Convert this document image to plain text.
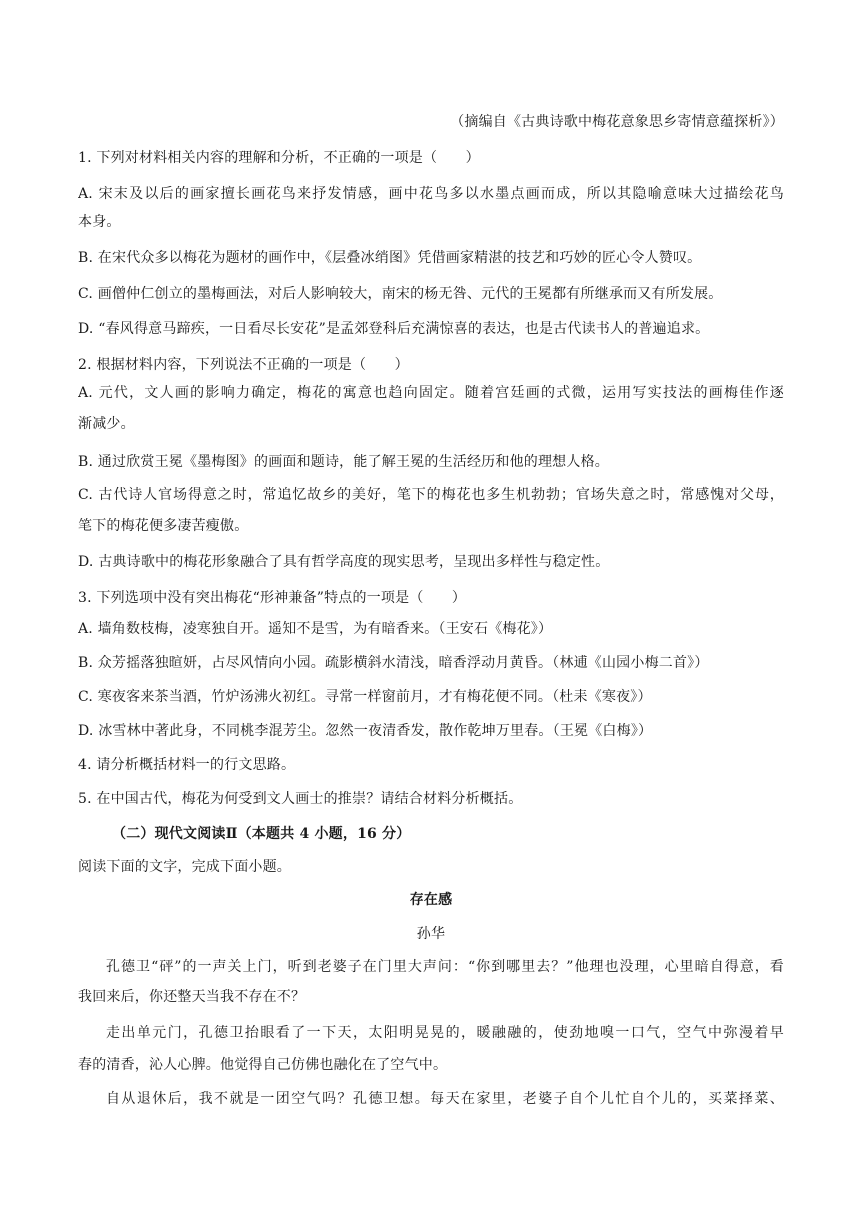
（摘编自《古典诗歌中梅花意象思乡寄情意蕴探析》）
1. 下列对材料相关内容的理解和分析，不正确的一项是（　　）
A. 宋末及以后的画家擅长画花鸟来抒发情感，画中花鸟多以水墨点画而成，所以其隐喻意味大过描绘花鸟
本身。
B. 在宋代众多以梅花为题材的画作中，《层叠冰绡图》凭借画家精湛的技艺和巧妙的匠心令人赞叹。
C. 画僧仲仁创立的墨梅画法，对后人影响较大，南宋的杨无咎、元代的王冕都有所继承而又有所发展。
D. “春风得意马蹄疾，一日看尽长安花”是孟郊登科后充满惊喜的表达，也是古代读书人的普遍追求。
2. 根据材料内容，下列说法不正确的一项是（　　）
A. 元代，文人画的影响力确定，梅花的寓意也趋向固定。随着宫廷画的式微，运用写实技法的画梅佳作逐
渐减少。
B. 通过欣赏王冕《墨梅图》的画面和题诗，能了解王冕的生活经历和他的理想人格。
C. 古代诗人官场得意之时，常追忆故乡的美好，笔下的梅花也多生机勃勃；官场失意之时，常感愧对父母，
笔下的梅花便多凄苦瘦傲。
D. 古典诗歌中的梅花形象融合了具有哲学高度的现实思考，呈现出多样性与稳定性。
3. 下列选项中没有突出梅花“形神兼备”特点的一项是（　　）
A. 墙角数枝梅，凌寒独自开。遥知不是雪，为有暗香来。（王安石《梅花》）
B. 众芳摇落独暄妍，占尽风情向小园。疏影横斜水清浅，暗香浮动月黄昏。（林逋《山园小梅二首》）
C. 寒夜客来茶当酒，竹炉汤沸火初红。寻常一样窗前月，才有梅花便不同。（杜耒《寒夜》）
D. 冰雪林中著此身，不同桃李混芳尘。忽然一夜清香发，散作乾坤万里春。（王冕《白梅》）
4. 请分析概括材料一的行文思路。
5. 在中国古代，梅花为何受到文人画士的推崇？请结合材料分析概括。
（二）现代文阅读Ⅱ（本题共 4 小题，16 分）
阅读下面的文字，完成下面小题。
存在感
孙华
孔德卫“砰”的一声关上门，听到老婆子在门里大声问：“你到哪里去？”他理也没理，心里暗自得意，看
我回来后，你还整天当我不存在不？
走出单元门，孔德卫抬眼看了一下天，太阳明晃晃的，暖融融的，使劲地嗅一口气，空气中弥漫着早
春的清香，沁人心脾。他觉得自己仿佛也融化在了空气中。
自从退休后，我不就是一团空气吗？孔德卫想。每天在家里，老婆子自个儿忙自个儿的，买菜择菜、
